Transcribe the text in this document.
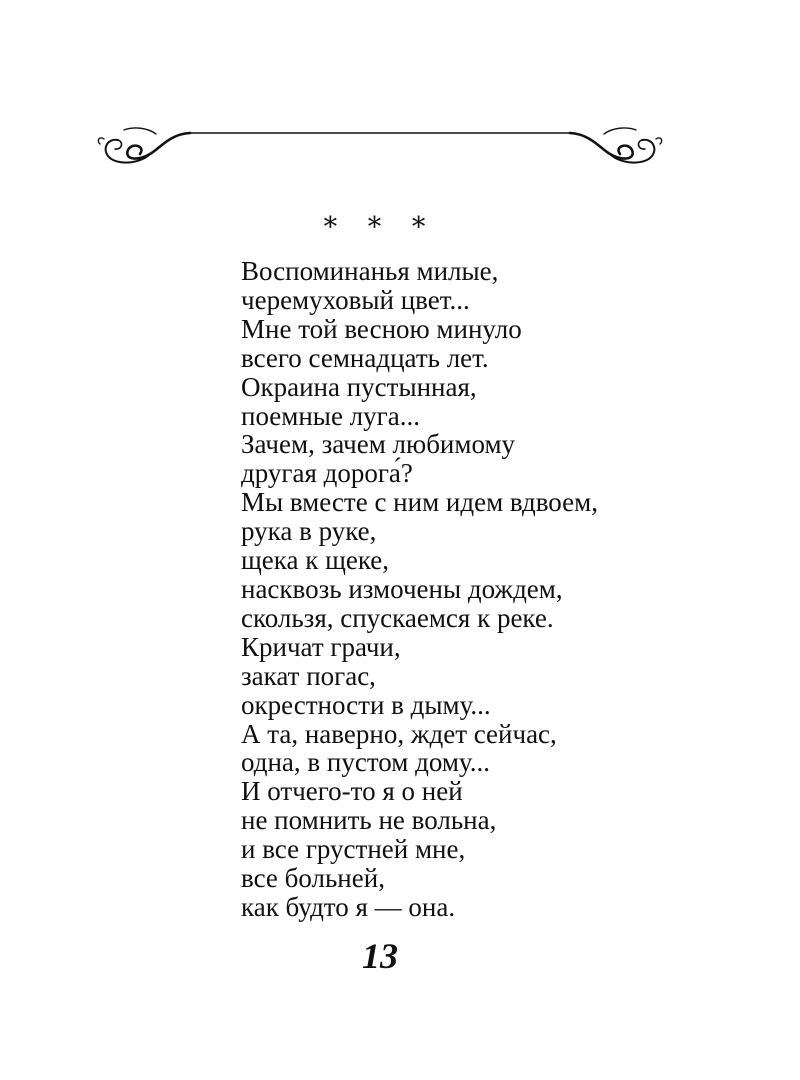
* * *
Воспоминанья милые,
черемуховый цвет...
Мне той весною минуло
всего семнадцать лет.
Окраина пустынная,
поемные луга...
Зачем, зачем любимому
другая дорога́?
Мы вместе с ним идем вдвоем,
рука в руке,
щека к щеке,
насквозь измочены дождем,
скользя, спускаемся к реке.
Кричат грачи,
закат погас,
окрестности в дыму...
А та, наверно, ждет сейчас,
одна, в пустом дому...
И отчего-то я о ней
не помнить не вольна,
и все грустней мне,
все больней,
как будто я — она.
13
